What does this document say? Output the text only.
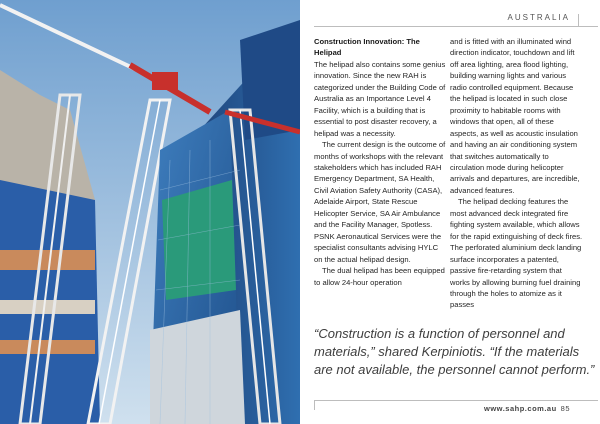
AUSTRALIA

Construction Innovation: The Helipad

The helipad also contains some genius innovation. Since the new RAH is categorized under the Building Code of Australia as an Importance Level 4 Facility, which is a building that is essential to post disaster recovery, a helipad was a necessity.

The current design is the outcome of months of workshops with the relevant stakeholders which has included RAH Emergency Department, SA Health, Civil Aviation Safety Authority (CASA), Adelaide Airport, State Rescue Helicopter Service, SA Air Ambulance and the Facility Manager, Spotless. PSNK Aeronautical Services were the specialist consultants advising HYLC on the actual helipad design.

The dual helipad has been equipped to allow 24-hour operation

and is fitted with an illuminated wind direction indicator, touchdown and lift off area lighting, area flood lighting, building warning lights and various radio controlled equipment. Because the helipad is located in such close proximity to habitable rooms with windows that open, all of these aspects, as well as acoustic insulation and having an air conditioning system that switches automatically to circulation mode during helicopter arrivals and departures, are incredible, advanced features.

The helipad decking features the most advanced deck integrated fire fighting system available, which allows for the rapid extinguishing of deck fires. The perforated aluminium deck landing surface incorporates a patented, passive fire-retarding system that works by allowing burning fuel draining through the holes to atomize as it passes

“Construction is a function of personnel and materials,” shared Kerpiniotis. “If the materials are not available, the personnel cannot perform.”
www.sahp.com.au 85
